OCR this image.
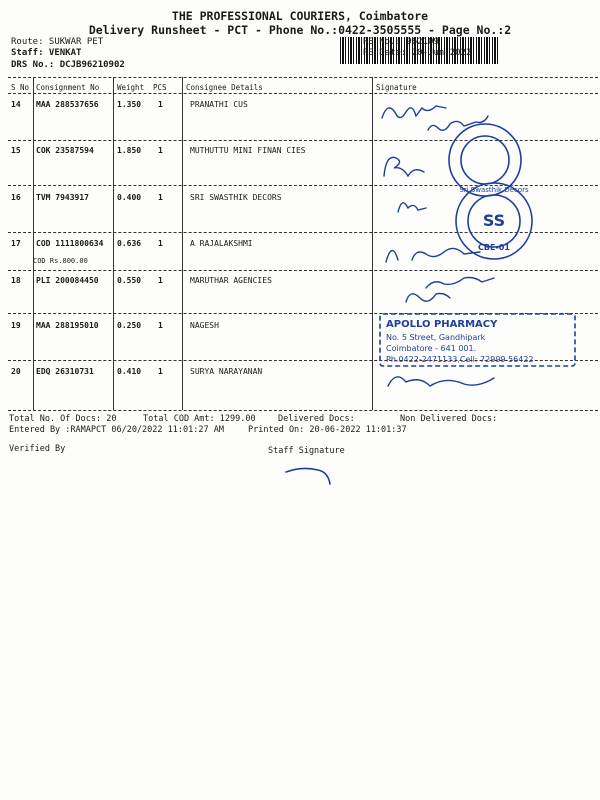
THE PROFESSIONAL COURIERS, Coimbatore
Delivery Runsheet - PCT - Phone No.:0422-3505555 - Page No.:2
Route: SUKWAR PET
Staff: VENKAT
DRS No.: DCJB96210902
RS No.: 962109
RS Date: 20-Jun-2022
S No Consignment No Weight PCS	Consignee Details	Signature
14 MAA 288537656 1.350 1	PRANATHI CUS
15 COK 23587594	1.850 1	MUTHUTTU MINI FINAN CIES
16 TVM 7943917	0.400 1	SRI SWASTHIK DECORS
17 COD 1111800634 0.636 1	A RAJALAKSHMI
COD Rs.800.00
18 PLI 200084450 0.550 1	MARUTHAR AGENCIES
19 MAA 288195010 0.250 1	NAGESH
20 EDQ 26310731	0.410 1	SURYA NARAYANAN
Total No. Of Docs: 20	Total COD Amt: 1299.00	Delivered Docs:	Non Delivered Docs:
Entered By :RAMAPCT 06/20/2022 11:01:27 AM	Printed On: 20-06-2022 11:01:37
Verified By	Staff Signature
SS
CBE-01
Sri Swasthik Decors
APOLLO PHARMACY
No. 5 Street, Gandhipark
Coimbatore - 641 001.
Ph.0422-2471133,Cell: 72999 56422
